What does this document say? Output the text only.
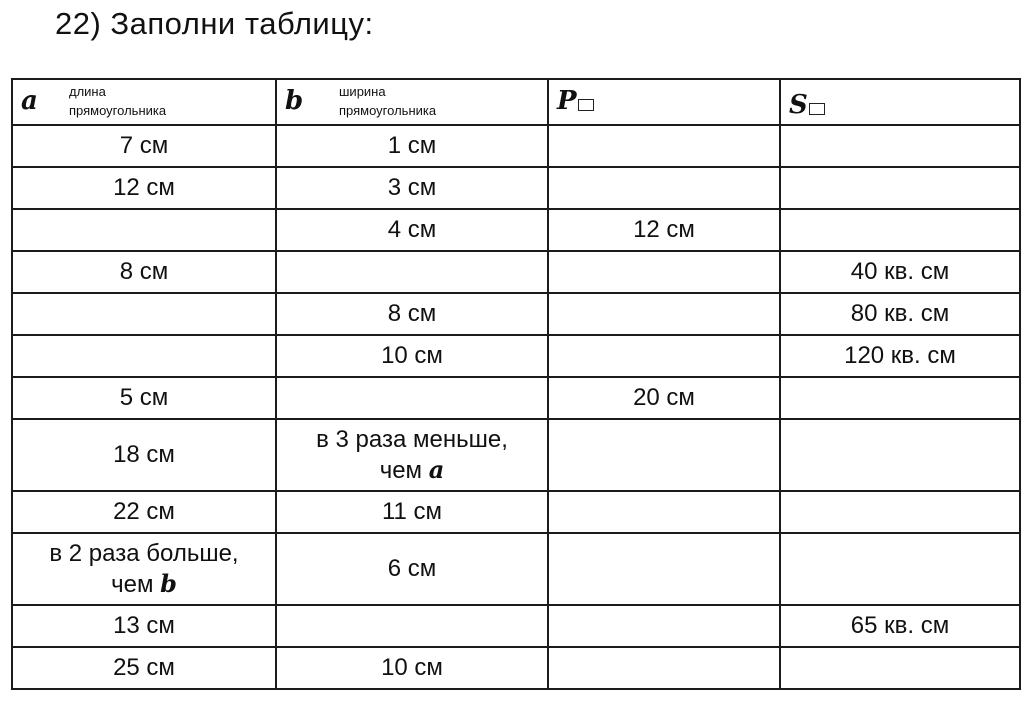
22) Заполни таблицу:
a длина
прямоугольника	b ширина
прямоугольника	P	S

7 см	1 см		
12 см	3 см		
	4 см	12 см	
8 см			40 кв. см
	8 см		80 кв. см
	10 см		120 кв. см
5 см		20 см	
18 см	в 3 раза меньше,
чем a		
22 см	11 см		
в 2 раза больше,
чем b	6 см		
13 см			65 кв. см
25 см	10 см		
